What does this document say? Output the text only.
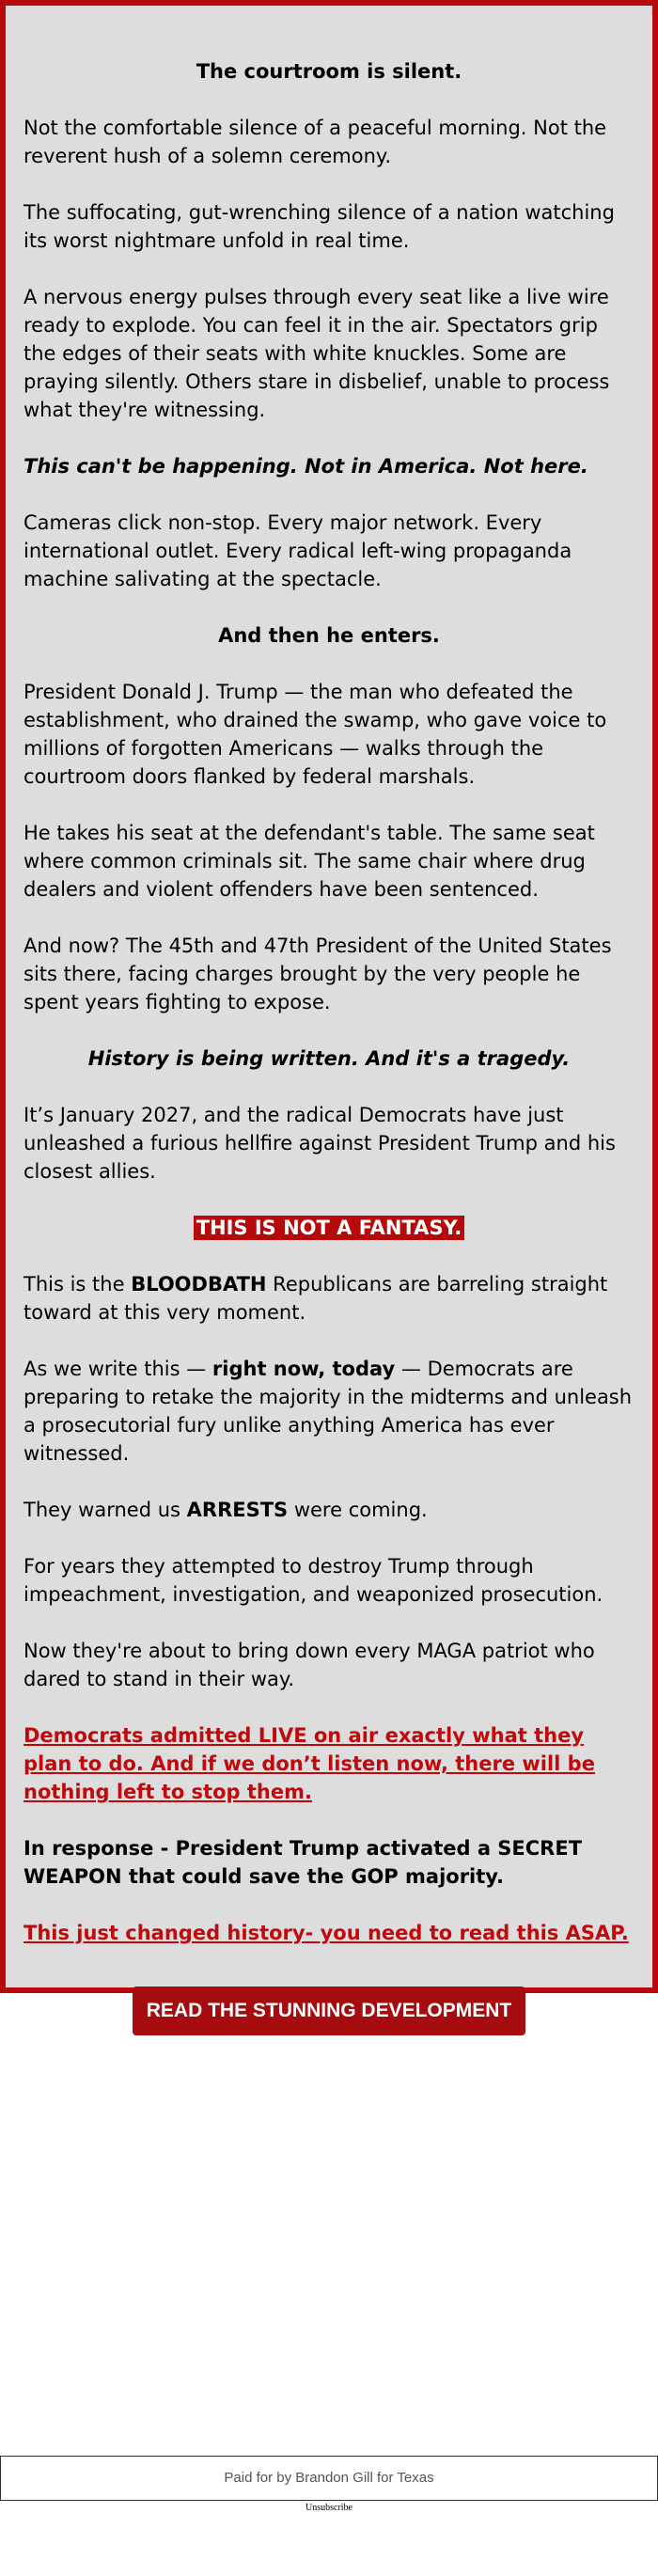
The courtroom is silent.

Not the comfortable silence of a peaceful morning. Not the reverent hush of a solemn ceremony.

The suffocating, gut-wrenching silence of a nation watching its worst nightmare unfold in real time.

A nervous energy pulses through every seat like a live wire ready to explode. You can feel it in the air. Spectators grip the edges of their seats with white knuckles. Some are praying silently. Others stare in disbelief, unable to process what they're witnessing.

This can't be happening. Not in America. Not here.

Cameras click non-stop. Every major network. Every international outlet. Every radical left-wing propaganda machine salivating at the spectacle.

And then he enters.

President Donald J. Trump — the man who defeated the establishment, who drained the swamp, who gave voice to millions of forgotten Americans — walks through the courtroom doors flanked by federal marshals.

He takes his seat at the defendant's table. The same seat where common criminals sit. The same chair where drug dealers and violent offenders have been sentenced.

And now? The 45th and 47th President of the United States sits there, facing charges brought by the very people he spent years fighting to expose.

History is being written. And it's a tragedy.

It’s January 2027, and the radical Democrats have just unleashed a furious hellfire against President Trump and his closest allies.

THIS IS NOT A FANTASY.

This is the BLOODBATH Republicans are barreling straight toward at this very moment.

As we write this — right now, today — Democrats are preparing to retake the majority in the midterms and unleash a prosecutorial fury unlike anything America has ever witnessed.

They warned us ARRESTS were coming.

For years they attempted to destroy Trump through impeachment, investigation, and weaponized prosecution.

Now they're about to bring down every MAGA patriot who dared to stand in their way.

Democrats admitted LIVE on air exactly what they plan to do. And if we don’t listen now, there will be nothing left to stop them.

In response - President Trump activated a SECRET WEAPON that could save the GOP majority.

This just changed history- you need to read this ASAP.

READ THE STUNNING DEVELOPMENT
Paid for by Brandon Gill for Texas
Unsubscribe
